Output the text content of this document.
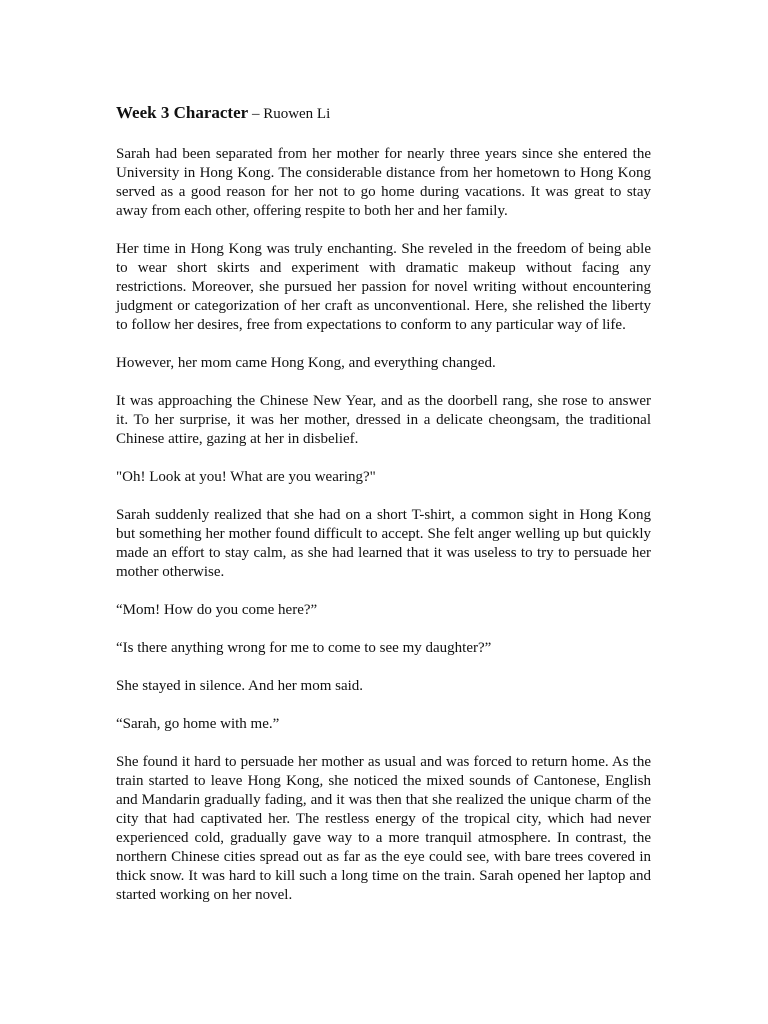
Week 3 Character – Ruowen Li

Sarah had been separated from her mother for nearly three years since she entered the University in Hong Kong. The considerable distance from her hometown to Hong Kong served as a good reason for her not to go home during vacations. It was great to stay away from each other, offering respite to both her and her family.

Her time in Hong Kong was truly enchanting. She reveled in the freedom of being able to wear short skirts and experiment with dramatic makeup without facing any restrictions. Moreover, she pursued her passion for novel writing without encountering judgment or categorization of her craft as unconventional. Here, she relished the liberty to follow her desires, free from expectations to conform to any particular way of life.

However, her mom came Hong Kong, and everything changed.

It was approaching the Chinese New Year, and as the doorbell rang, she rose to answer it. To her surprise, it was her mother, dressed in a delicate cheongsam, the traditional Chinese attire, gazing at her in disbelief.

"Oh! Look at you! What are you wearing?"

Sarah suddenly realized that she had on a short T-shirt, a common sight in Hong Kong but something her mother found difficult to accept. She felt anger welling up but quickly made an effort to stay calm, as she had learned that it was useless to try to persuade her mother otherwise.

“Mom! How do you come here?”

“Is there anything wrong for me to come to see my daughter?”

She stayed in silence. And her mom said.

“Sarah, go home with me.”

She found it hard to persuade her mother as usual and was forced to return home. As the train started to leave Hong Kong, she noticed the mixed sounds of Cantonese, English and Mandarin gradually fading, and it was then that she realized the unique charm of the city that had captivated her. The restless energy of the tropical city, which had never experienced cold, gradually gave way to a more tranquil atmosphere. In contrast, the northern Chinese cities spread out as far as the eye could see, with bare trees covered in thick snow. It was hard to kill such a long time on the train. Sarah opened her laptop and started working on her novel.
